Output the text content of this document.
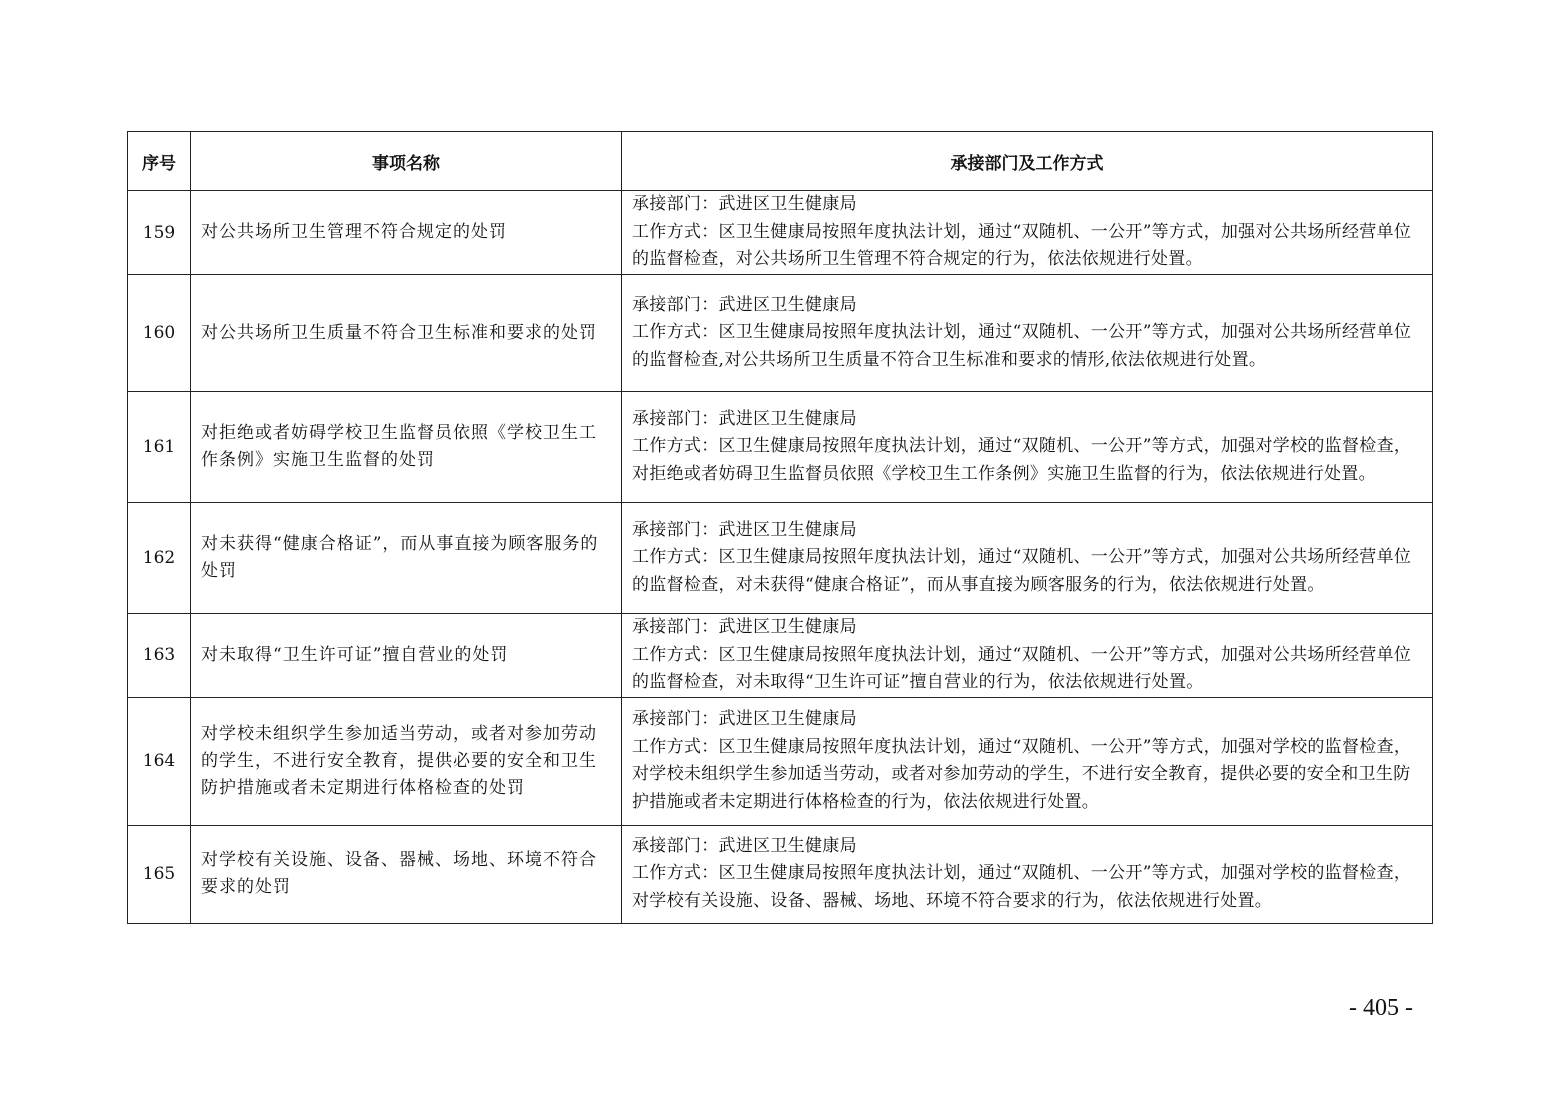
序号	事项名称	承接部门及工作方式
159	对公共场所卫生管理不符合规定的处罚	承接部门：武进区卫生健康局
工作方式：区卫生健康局按照年度执法计划，通过“双随机、一公开”等方式，加强对公共场所经营单位的监督检查，对公共场所卫生管理不符合规定的行为，依法依规进行处置。

160	对公共场所卫生质量不符合卫生标准和要求的处罚	承接部门：武进区卫生健康局
工作方式：区卫生健康局按照年度执法计划，通过“双随机、一公开”等方式，加强对公共场所经营单位的监督检查,对公共场所卫生质量不符合卫生标准和要求的情形,依法依规进行处置。

161	对拒绝或者妨碍学校卫生监督员依照《学校卫生工作条例》实施卫生监督的处罚	承接部门：武进区卫生健康局
工作方式：区卫生健康局按照年度执法计划，通过“双随机、一公开”等方式，加强对学校的监督检查，对拒绝或者妨碍卫生监督员依照《学校卫生工作条例》实施卫生监督的行为，依法依规进行处置。

162	对未获得“健康合格证”，而从事直接为顾客服务的处罚	承接部门：武进区卫生健康局
工作方式：区卫生健康局按照年度执法计划，通过“双随机、一公开”等方式，加强对公共场所经营单位的监督检查，对未获得“健康合格证”，而从事直接为顾客服务的行为，依法依规进行处置。

163	对未取得“卫生许可证”擅自营业的处罚	承接部门：武进区卫生健康局
工作方式：区卫生健康局按照年度执法计划，通过“双随机、一公开”等方式，加强对公共场所经营单位的监督检查，对未取得“卫生许可证”擅自营业的行为，依法依规进行处置。

164	对学校未组织学生参加适当劳动，或者对参加劳动的学生，不进行安全教育，提供必要的安全和卫生防护措施或者未定期进行体格检查的处罚	承接部门：武进区卫生健康局
工作方式：区卫生健康局按照年度执法计划，通过“双随机、一公开”等方式，加强对学校的监督检查，对学校未组织学生参加适当劳动，或者对参加劳动的学生，不进行安全教育，提供必要的安全和卫生防护措施或者未定期进行体格检查的行为，依法依规进行处置。

165	对学校有关设施、设备、器械、场地、环境不符合要求的处罚	承接部门：武进区卫生健康局
工作方式：区卫生健康局按照年度执法计划，通过“双随机、一公开”等方式，加强对学校的监督检查，对学校有关设施、设备、器械、场地、环境不符合要求的行为，依法依规进行处置。
- 405 -
